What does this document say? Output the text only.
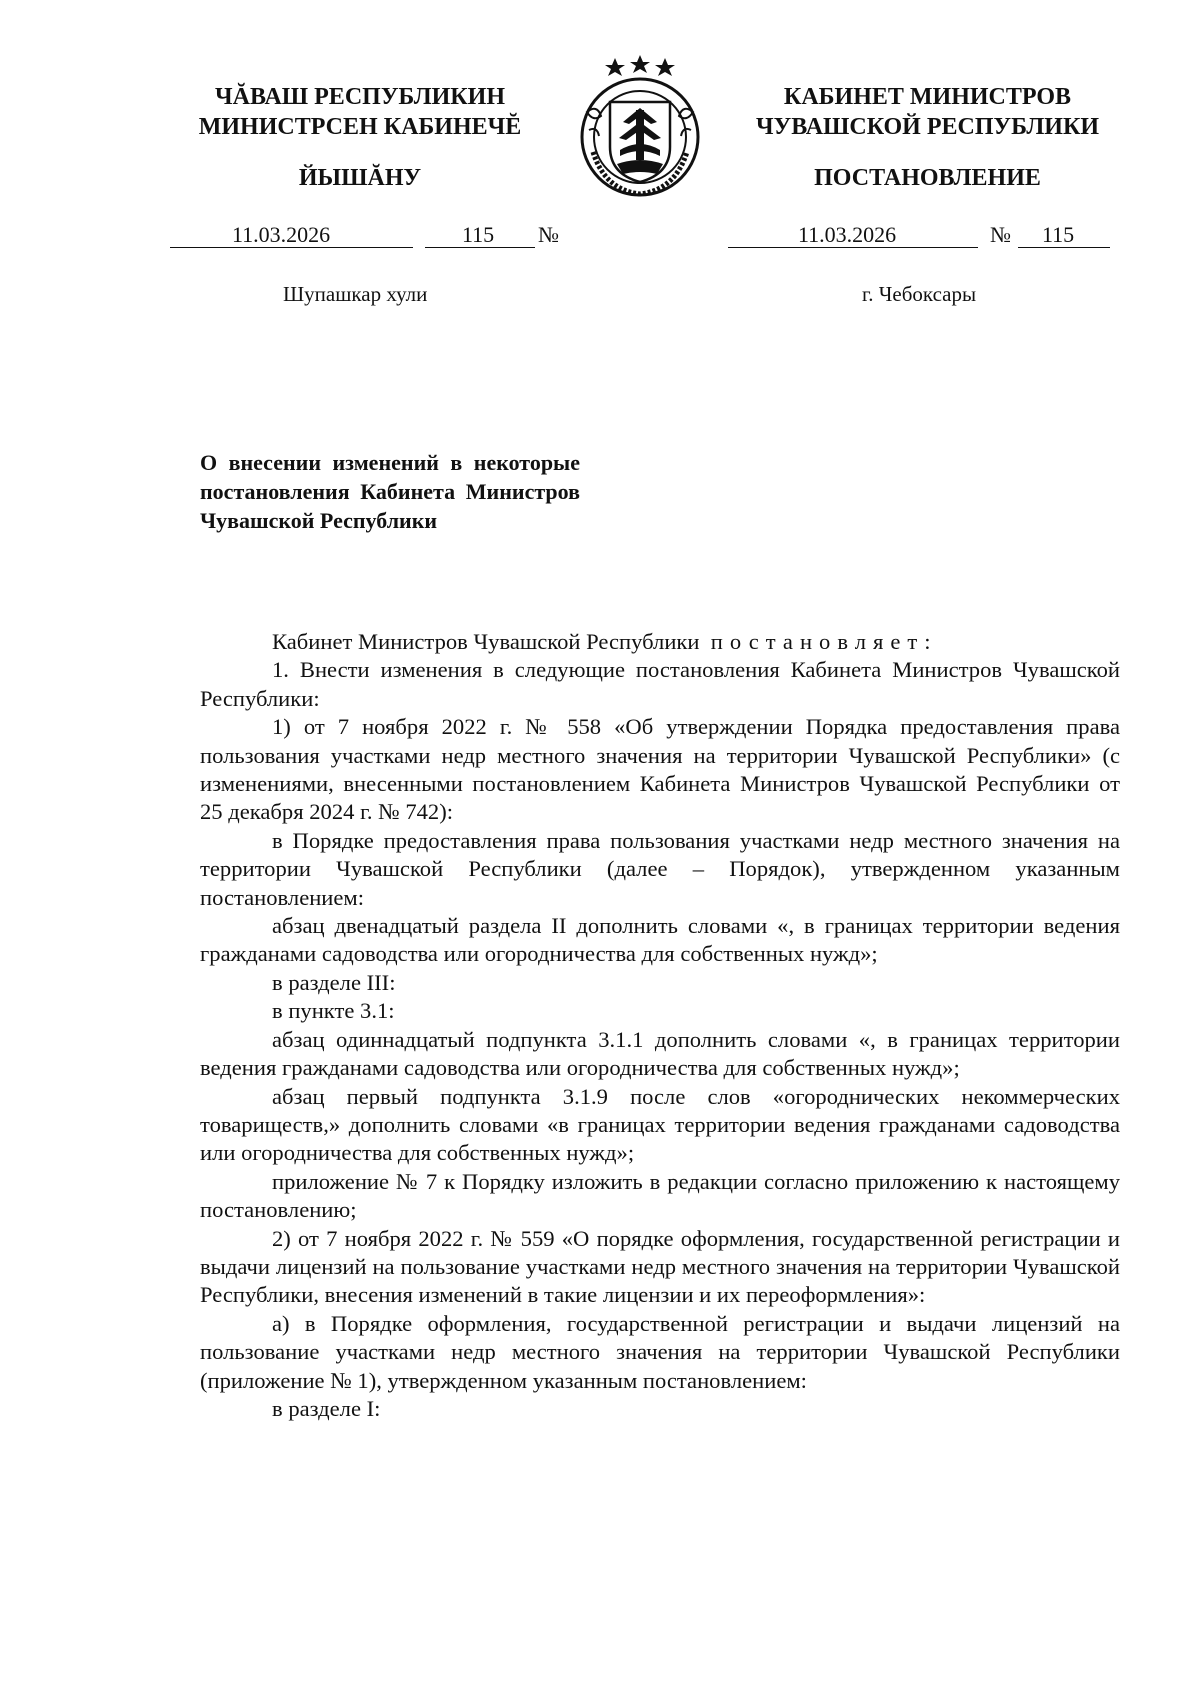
ЧĂВАШ РЕСПУБЛИКИН
МИНИСТРСЕН КАБИНЕЧĔ
ЙЫШĂНУ
КАБИНЕТ МИНИСТРОВ
ЧУВАШСКОЙ РЕСПУБЛИКИ
ПОСТАНОВЛЕНИЕ
11.03.2026	115 №	11.03.2026	№ 115
Шупашкар хули	г. Чебоксары
О внесении изменений в некоторые постановления Кабинета Министров Чувашской Республики

Кабинет Министров Чувашской Республики постановляет:

1. Внести изменения в следующие постановления Кабинета Министров Чувашской Республики:

1) от 7 ноября 2022 г. № 558 «Об утверждении Порядка предоставления права пользования участками недр местного значения на территории Чувашской Республики» (с изменениями, внесенными постановлением Кабинета Министров Чувашской Республики от 25 декабря 2024 г. № 742):

в Порядке предоставления права пользования участками недр местного значения на территории Чувашской Республики (далее – Порядок), утвержденном указанным постановлением:

абзац двенадцатый раздела II дополнить словами «, в границах территории ведения гражданами садоводства или огородничества для собственных нужд»;

в разделе III:

в пункте 3.1:

абзац одиннадцатый подпункта 3.1.1 дополнить словами «, в границах территории ведения гражданами садоводства или огородничества для собственных нужд»;

абзац первый подпункта 3.1.9 после слов «огороднических некоммерческих товариществ,» дополнить словами «в границах территории ведения гражданами садоводства или огородничества для собственных нужд»;

приложение № 7 к Порядку изложить в редакции согласно приложению к настоящему постановлению;

2) от 7 ноября 2022 г. № 559 «О порядке оформления, государственной регистрации и выдачи лицензий на пользование участками недр местного значения на территории Чувашской Республики, внесения изменений в такие лицензии и их переоформления»:

а) в Порядке оформления, государственной регистрации и выдачи лицензий на пользование участками недр местного значения на территории Чувашской Республики (приложение № 1), утвержденном указанным постановлением:

в разделе I:
